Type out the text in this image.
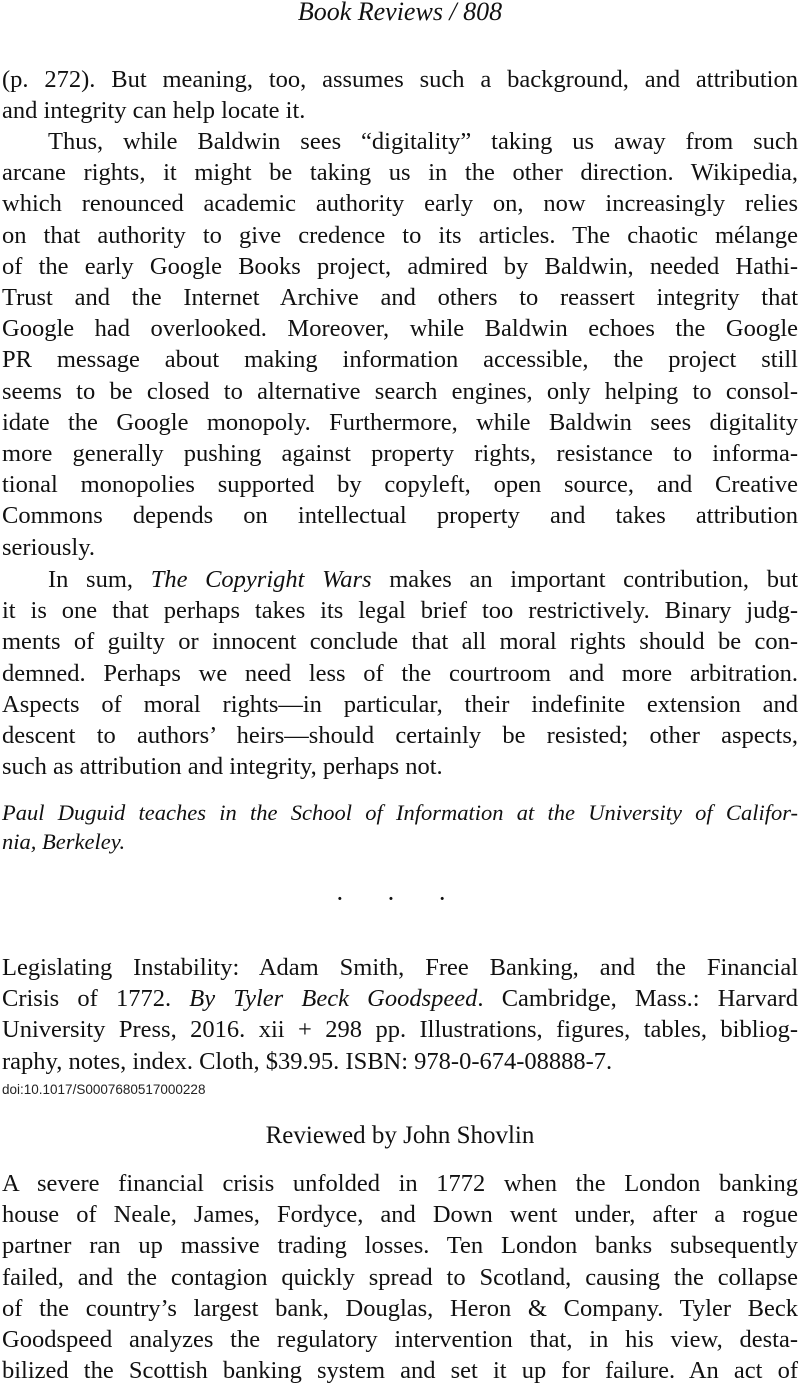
Book Reviews / 808
(p. 272). But meaning, too, assumes such a background, and attribution
and integrity can help locate it.
Thus, while Baldwin sees “digitality” taking us away from such
arcane rights, it might be taking us in the other direction. Wikipedia,
which renounced academic authority early on, now increasingly relies
on that authority to give credence to its articles. The chaotic mélange
of the early Google Books project, admired by Baldwin, needed Hathi-
Trust and the Internet Archive and others to reassert integrity that
Google had overlooked. Moreover, while Baldwin echoes the Google
PR message about making information accessible, the project still
seems to be closed to alternative search engines, only helping to consol-
idate the Google monopoly. Furthermore, while Baldwin sees digitality
more generally pushing against property rights, resistance to informa-
tional monopolies supported by copyleft, open source, and Creative
Commons depends on intellectual property and takes attribution
seriously.
In sum, The Copyright Wars makes an important contribution, but
it is one that perhaps takes its legal brief too restrictively. Binary judg-
ments of guilty or innocent conclude that all moral rights should be con-
demned. Perhaps we need less of the courtroom and more arbitration.
Aspects of moral rights—in particular, their indefinite extension and
descent to authors’ heirs—should certainly be resisted; other aspects,
such as attribution and integrity, perhaps not.
Paul Duguid teaches in the School of Information at the University of Califor-
nia, Berkeley.
· · ·
Legislating Instability: Adam Smith, Free Banking, and the Financial
Crisis of 1772. By Tyler Beck Goodspeed. Cambridge, Mass.: Harvard
University Press, 2016. xii + 298 pp. Illustrations, figures, tables, bibliog-
raphy, notes, index. Cloth, $39.95. ISBN: 978-0-674-08888-7.
doi:10.1017/S0007680517000228
Reviewed by John Shovlin
A severe financial crisis unfolded in 1772 when the London banking
house of Neale, James, Fordyce, and Down went under, after a rogue
partner ran up massive trading losses. Ten London banks subsequently
failed, and the contagion quickly spread to Scotland, causing the collapse
of the country’s largest bank, Douglas, Heron & Company. Tyler Beck
Goodspeed analyzes the regulatory intervention that, in his view, desta-
bilized the Scottish banking system and set it up for failure. An act of
